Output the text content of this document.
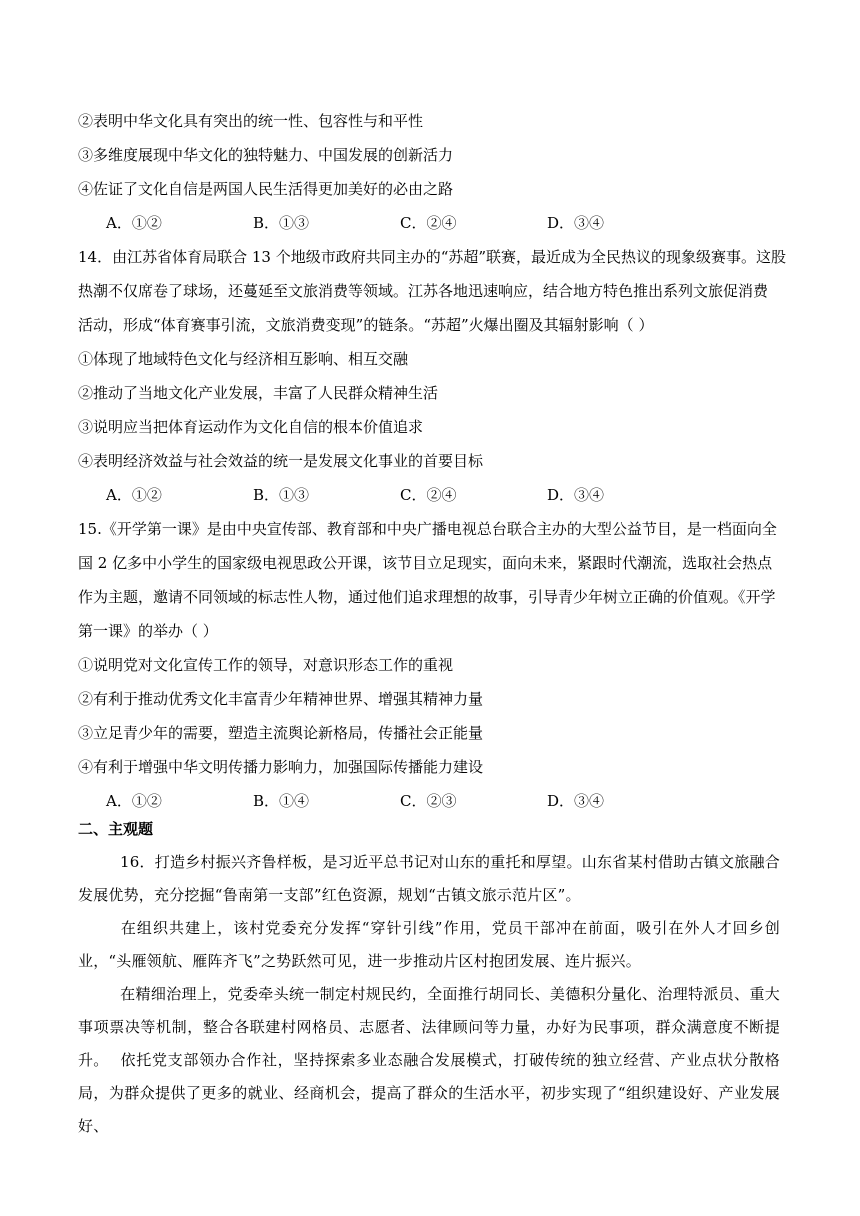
②表明中华文化具有突出的统一性、包容性与和平性
③多维度展现中华文化的独特魅力、中国发展的创新活力
④佐证了文化自信是两国人民生活得更加美好的必由之路
A．①②	B．①③	C．②④	D．③④
14．由江苏省体育局联合 13 个地级市政府共同主办的“苏超”联赛，最近成为全民热议的现象级赛事。这股
热潮不仅席卷了球场，还蔓延至文旅消费等领域。江苏各地迅速响应，结合地方特色推出系列文旅促消费
活动，形成“体育赛事引流，文旅消费变现”的链条。“苏超”火爆出圈及其辐射影响（ ）
①体现了地域特色文化与经济相互影响、相互交融
②推动了当地文化产业发展，丰富了人民群众精神生活
③说明应当把体育运动作为文化自信的根本价值追求
④表明经济效益与社会效益的统一是发展文化事业的首要目标
A．①②	B．①③	C．②④	D．③④
15.《开学第一课》是由中央宣传部、教育部和中央广播电视总台联合主办的大型公益节目，是一档面向全
国 2 亿多中小学生的国家级电视思政公开课，该节目立足现实，面向未来，紧跟时代潮流，选取社会热点
作为主题，邀请不同领域的标志性人物，通过他们追求理想的故事，引导青少年树立正确的价值观。《开学
第一课》的举办（ ）
①说明党对文化宣传工作的领导，对意识形态工作的重视
②有利于推动优秀文化丰富青少年精神世界、增强其精神力量
③立足青少年的需要，塑造主流舆论新格局，传播社会正能量
④有利于增强中华文明传播力影响力，加强国际传播能力建设
A．①②	B．①④	C．②③	D．③④
二、主观题
16．打造乡村振兴齐鲁样板，是习近平总书记对山东的重托和厚望。山东省某村借助古镇文旅融合发展优势，充分挖掘“鲁南第一支部”红色资源，规划“古镇文旅示范片区”。
在组织共建上，该村党委充分发挥“穿针引线”作用，党员干部冲在前面，吸引在外人才回乡创业，“头雁领航、雁阵齐飞”之势跃然可见，进一步推动片区村抱团发展、连片振兴。
在精细治理上，党委牵头统一制定村规民约，全面推行胡同长、美德积分量化、治理特派员、重大事项票决等机制，整合各联建村网格员、志愿者、法律顾问等力量，办好为民事项，群众满意度不断提升。 依托党支部领办合作社，坚持探索多业态融合发展模式，打破传统的独立经营、产业点状分散格局，为群众提供了更多的就业、经商机会，提高了群众的生活水平，初步实现了“组织建设好、产业发展好、
